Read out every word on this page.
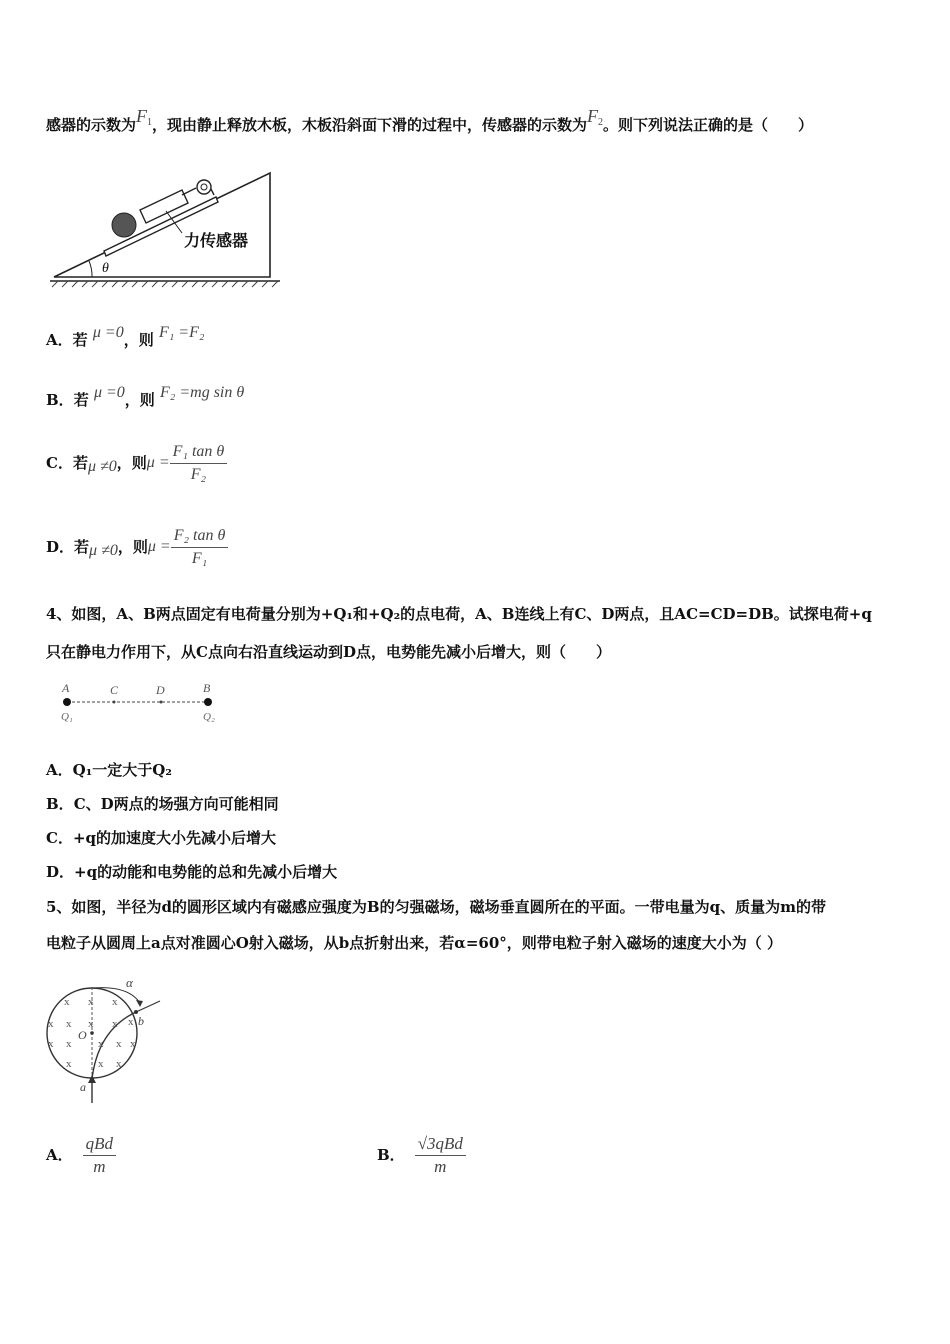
感器的示数为$F_1$，现由静止释放木板，木板沿斜面下滑的过程中，传感器的示数为$F_2$。则下列说法正确的是（　　）
力传感器
θ
A．若 μ =0，则 F₁ =F₂
B．若 μ =0，则 F₂ =mg sin θ
C． 若 μ ≠0 ，则 $\mu = \frac{\text{F₁ tan θ}}{\text{F₂}}$
D． 若 μ ≠0 ，则 $\mu = \frac{\text{F₂ tan θ}}{\text{F₁}}$
4、如图，A、B两点固定有电荷量分别为+Q₁和+Q₂的点电荷，A、B连线上有C、D两点，且AC=CD=DB。试探电荷+q
只在静电力作用下，从C点向右沿直线运动到D点，电势能先减小后增大，则（　　）
A	C	D	B
Q₁	Q₂
A．Q₁一定大于Q₂
B．C、D两点的场强方向可能相同
C．+q的加速度大小先减小后增大
D．+q的动能和电势能的总和先减小后增大
5、如图，半径为d的圆形区域内有磁感应强度为B的匀强磁场，磁场垂直圆所在的平面。一带电量为q、质量为m的带
电粒子从圆周上a点对准圆心O射入磁场，从b点折射出来，若α=60°，则带电粒子射入磁场的速度大小为（ ）
α
x x x
x x x x x
x x x x x
x x x
O
b
a
A． $\frac{\text{qBd}}{m}$	B． $\frac{\text{√3qBd}}{m}$
